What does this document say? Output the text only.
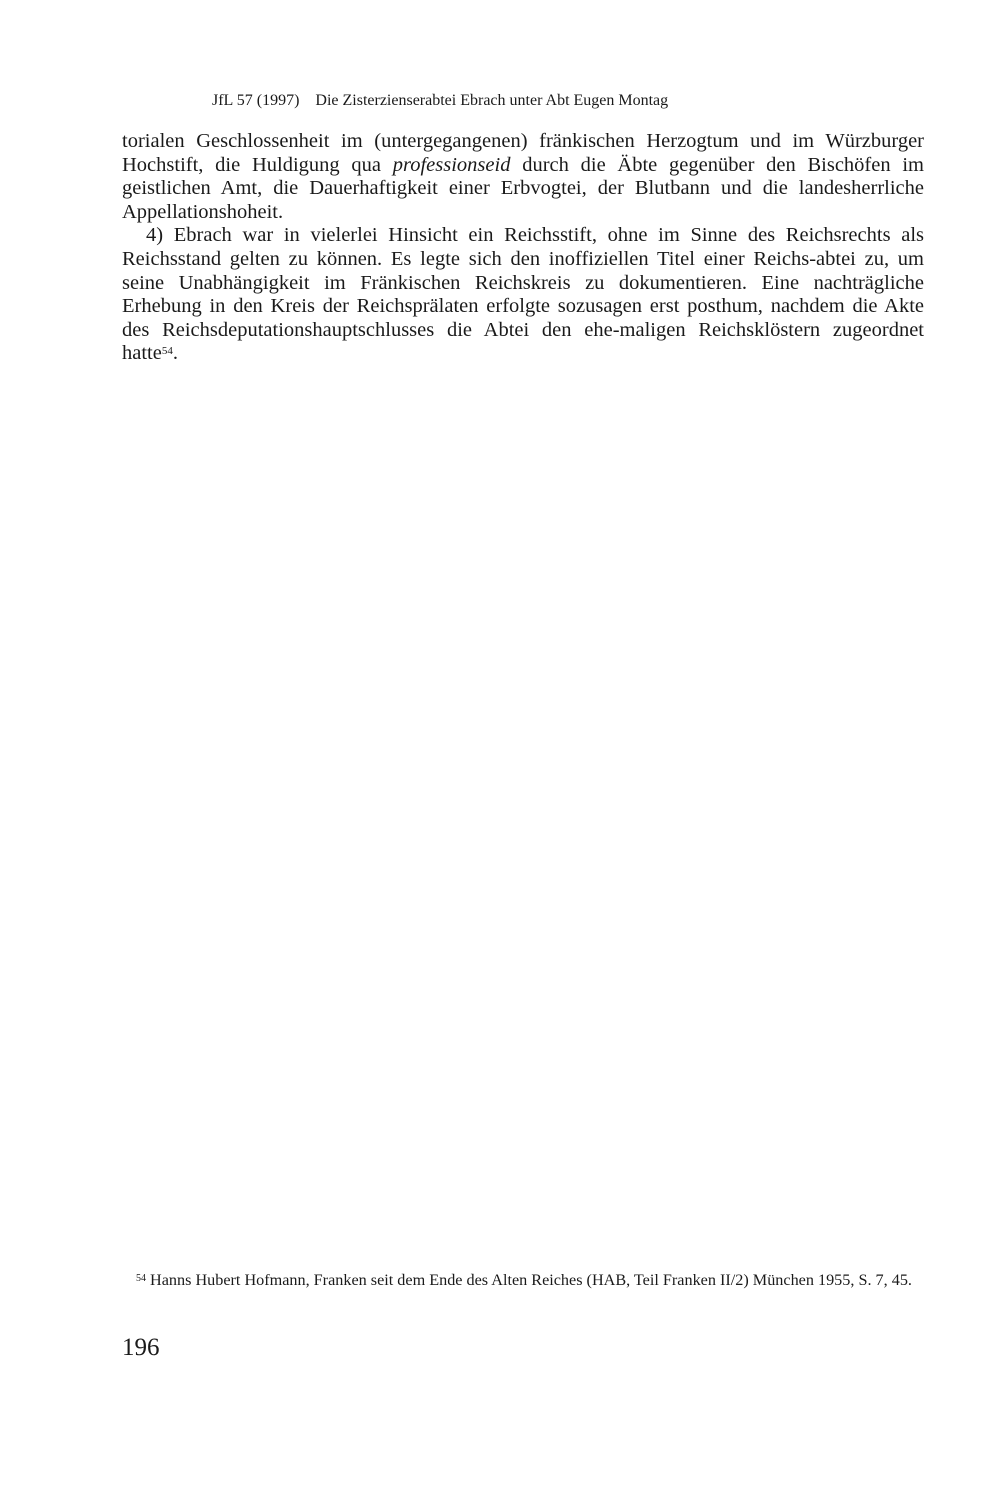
JfL 57 (1997) Die Zisterzienserabtei Ebrach unter Abt Eugen Montag

torialen Geschlossenheit im (untergegangenen) fränkischen Herzogtum und im Würzburger Hochstift, die Huldigung qua professionseid durch die Äbte gegenüber den Bischöfen im geistlichen Amt, die Dauerhaftigkeit einer Erbvogtei, der Blutbann und die landesherrliche Appellationshoheit.

4) Ebrach war in vielerlei Hinsicht ein Reichsstift, ohne im Sinne des Reichsrechts als Reichsstand gelten zu können. Es legte sich den inoffiziellen Titel einer Reichs-abtei zu, um seine Unabhängigkeit im Fränkischen Reichskreis zu dokumentieren. Eine nachträgliche Erhebung in den Kreis der Reichsprälaten erfolgte sozusagen erst posthum, nachdem die Akte des Reichsdeputationshauptschlusses die Abtei den ehe-maligen Reichsklöstern zugeordnet hatte$^{54}$.

$^{54}$ Hanns Hubert Hofmann, Franken seit dem Ende des Alten Reiches (HAB, Teil Franken II/2) München 1955, S. 7, 45.

196
